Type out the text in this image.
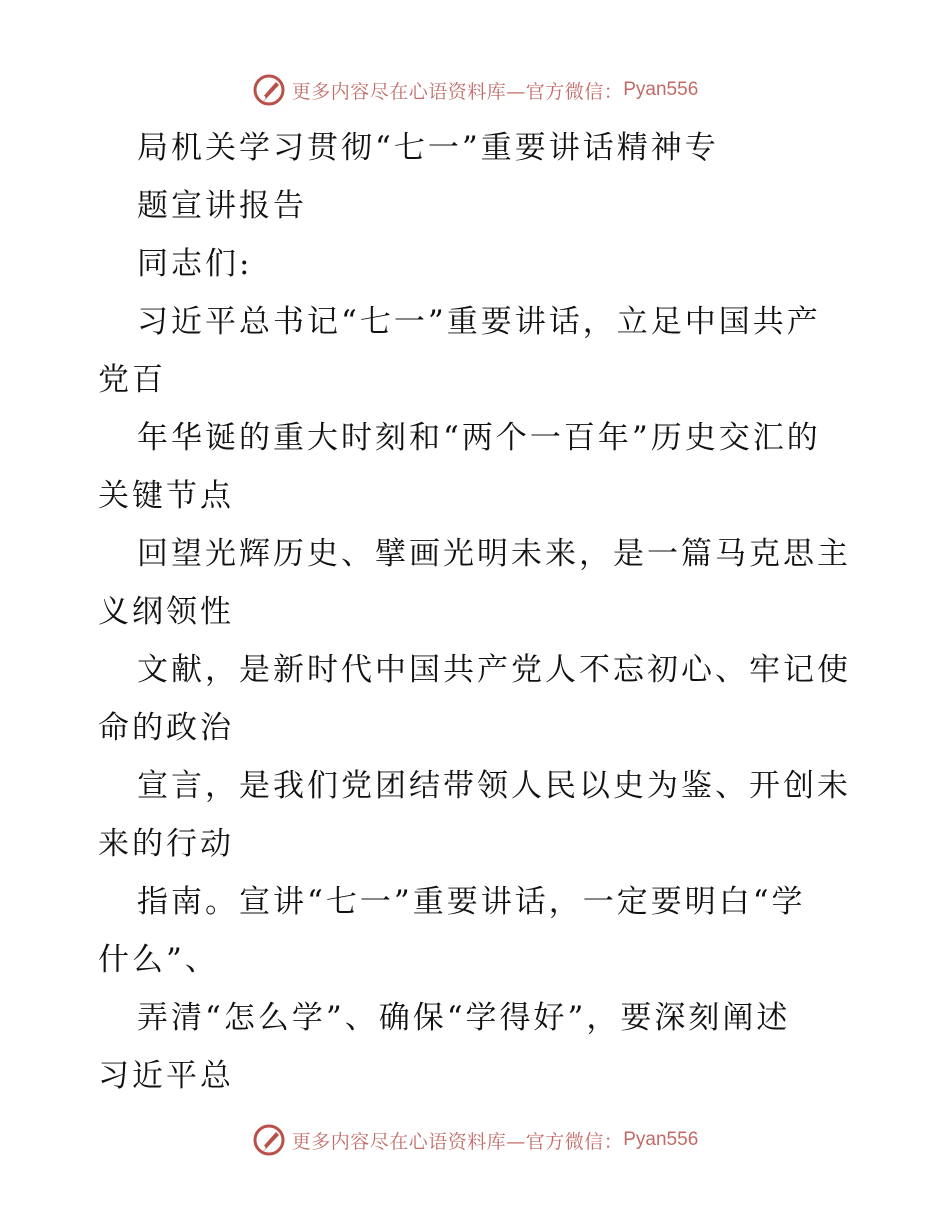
更多内容尽在心语资料库—官方微信： Pyan556
局机关学习贯彻“七一”重要讲话精神专
题宣讲报告
同志们:
习近平总书记“七一”重要讲话，立足中国共产
党百
年华诞的重大时刻和“两个一百年”历史交汇的
关键节点
回望光辉历史、擘画光明未来，是一篇马克思主
义纲领性
文献，是新时代中国共产党人不忘初心、牢记使
命的政治
宣言，是我们党团结带领人民以史为鉴、开创未
来的行动
指南。宣讲“七一”重要讲话，一定要明白“学
什么”、
弄清“怎么学”、确保“学得好”，要深刻阐述
习近平总
更多内容尽在心语资料库—官方微信： Pyan556
